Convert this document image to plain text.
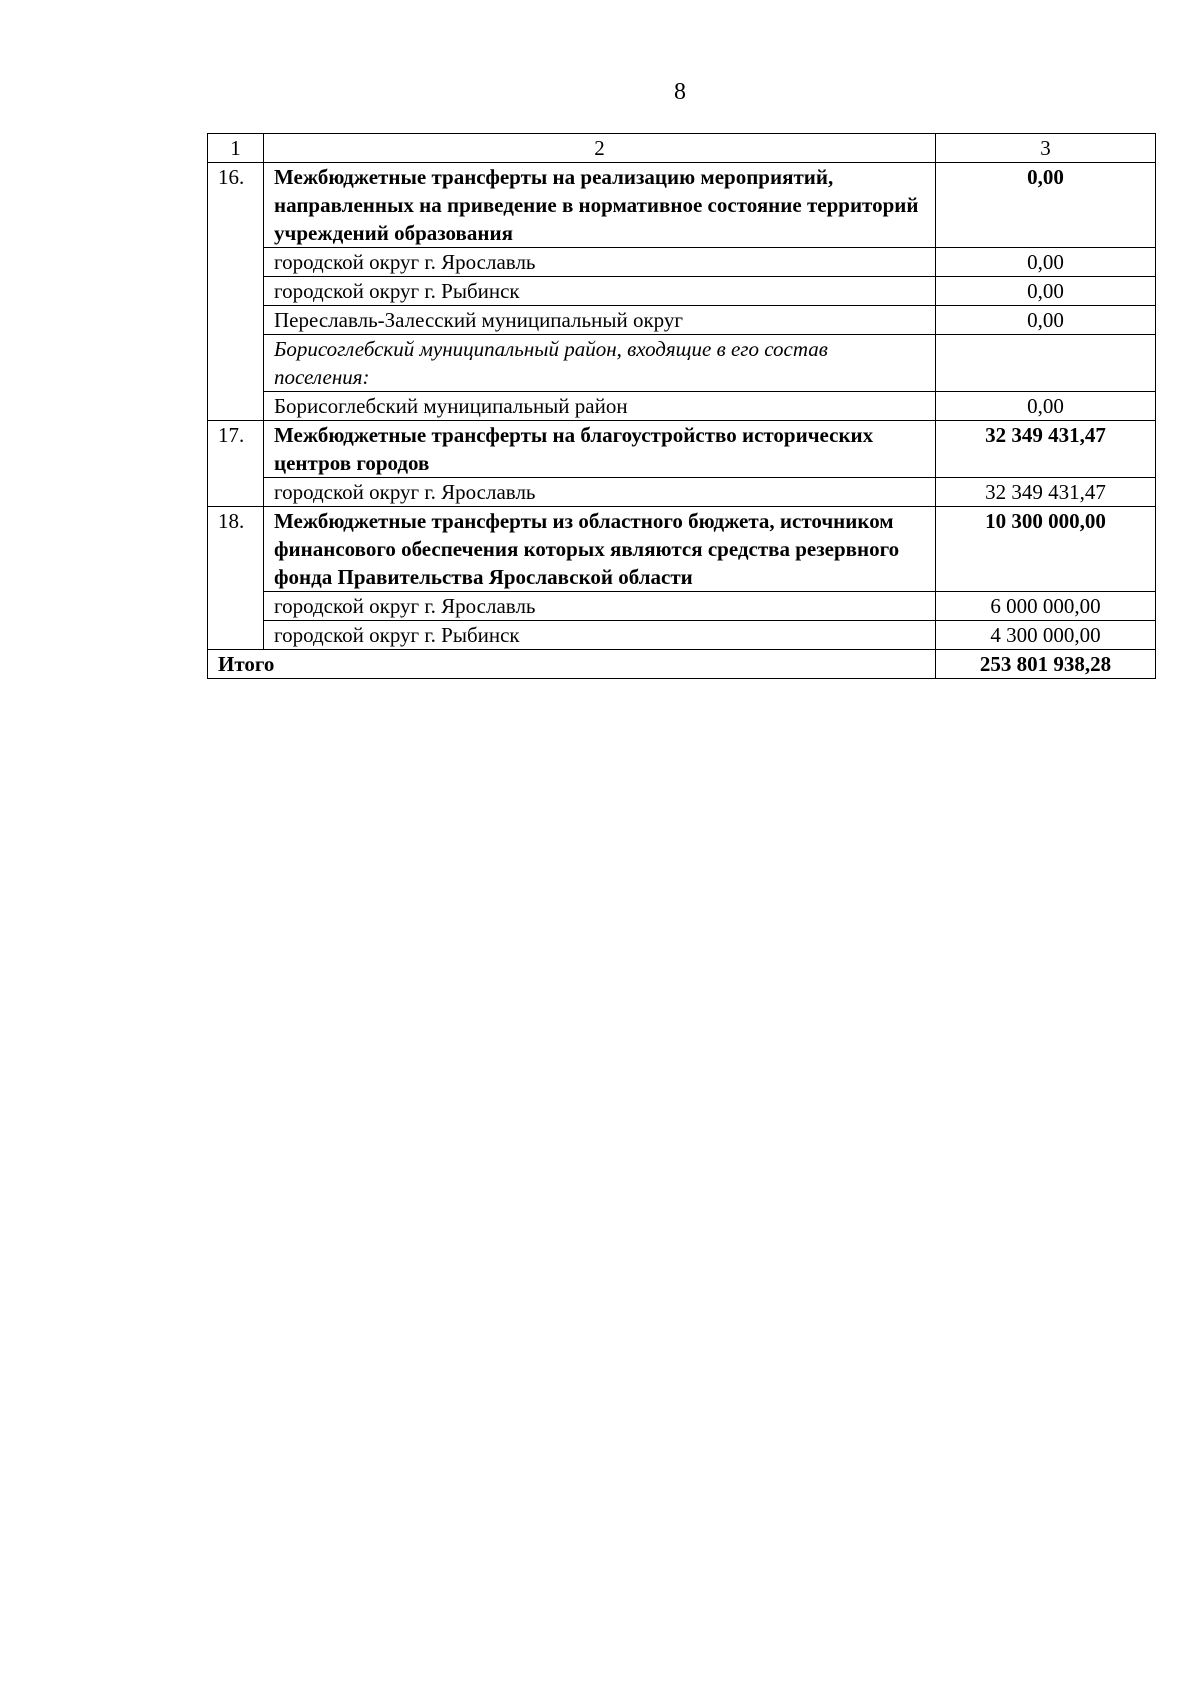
8
1	2	3
16.	Межбюджетные трансферты на реализацию мероприятий, направленных на приведение в нормативное состояние территорий учреждений образования	0,00
	городской округ г. Ярославль	0,00
	городской округ г. Рыбинск	0,00
	Переславль-Залесский муниципальный округ	0,00
	Борисоглебский муниципальный район, входящие в его состав поселения:	
	Борисоглебский муниципальный район	0,00
17.	Межбюджетные трансферты на благоустройство исторических центров городов	32 349 431,47
	городской округ г. Ярославль	32 349 431,47
18.	Межбюджетные трансферты из областного бюджета, источником финансового обеспечения которых являются средства резервного фонда Правительства Ярославской области	10 300 000,00
	городской округ г. Ярославль	6 000 000,00
	городской округ г. Рыбинск	4 300 000,00
Итого		253 801 938,28
